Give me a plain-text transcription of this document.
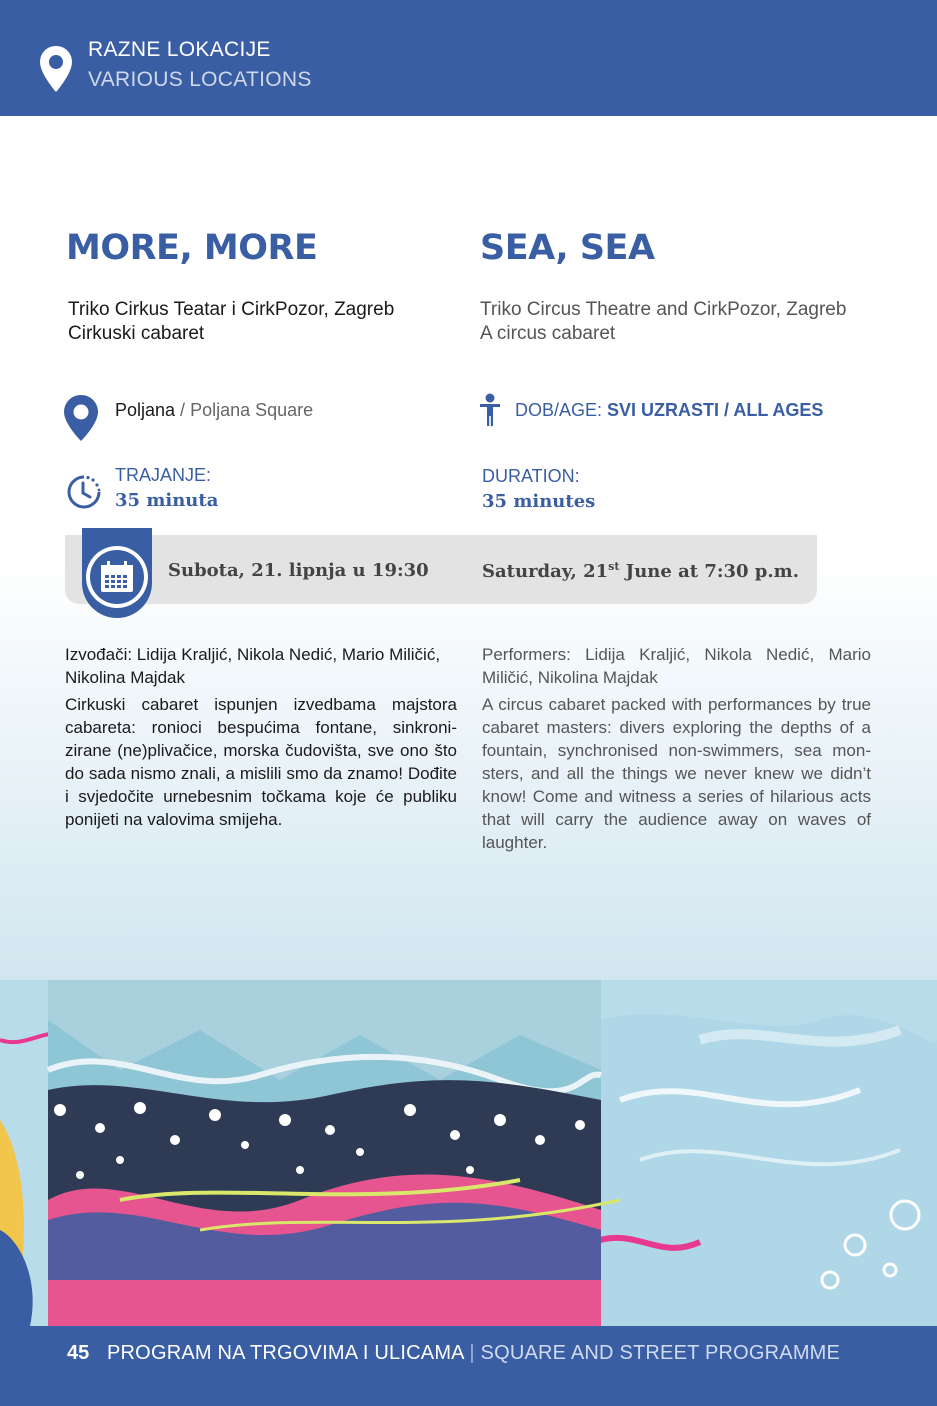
RAZNE LOKACIJE
VARIOUS LOCATIONS
MORE, MORE	SEA, SEA
Triko Cirkus Teatar i CirkPozor, Zagreb
Cirkuski cabaret
Triko Circus Theatre and CirkPozor, Zagreb
A circus cabaret
Poljana / Poljana Square	DOB/AGE: SVI UZRASTI / ALL AGES
TRAJANJE:
35 minuta
DURATION:
35 minutes
Subota, 21. lipnja u 19:30	Saturday, 21st June at 7:30 p.m.

Izvođači: Lidija Kraljić, Nikola Nedić, Mario Miličić, Nikolina Majdak

Cirkuski cabaret ispunjen izvedbama majstora cabareta: ronioci bespućima fontane, sinkroni-zirane (ne)plivačice, morska čudovišta, sve ono što do sada nismo znali, a mislili smo da znamo! Dođite i svjedočite urnebesnim točkama koje će publiku ponijeti na valovima smijeha.

Performers: Lidija Kraljić, Nikola Nedić, Mario Miličić, Nikolina Majdak

A circus cabaret packed with performances by true cabaret masters: divers exploring the depths of a fountain, synchronised non-swimmers, sea mon-sters, and all the things we never knew we didn’t know! Come and witness a series of hilarious acts that will carry the audience away on waves of laughter.

45 PROGRAM NA TRGOVIMA I ULICAMA | SQUARE AND STREET PROGRAMME
